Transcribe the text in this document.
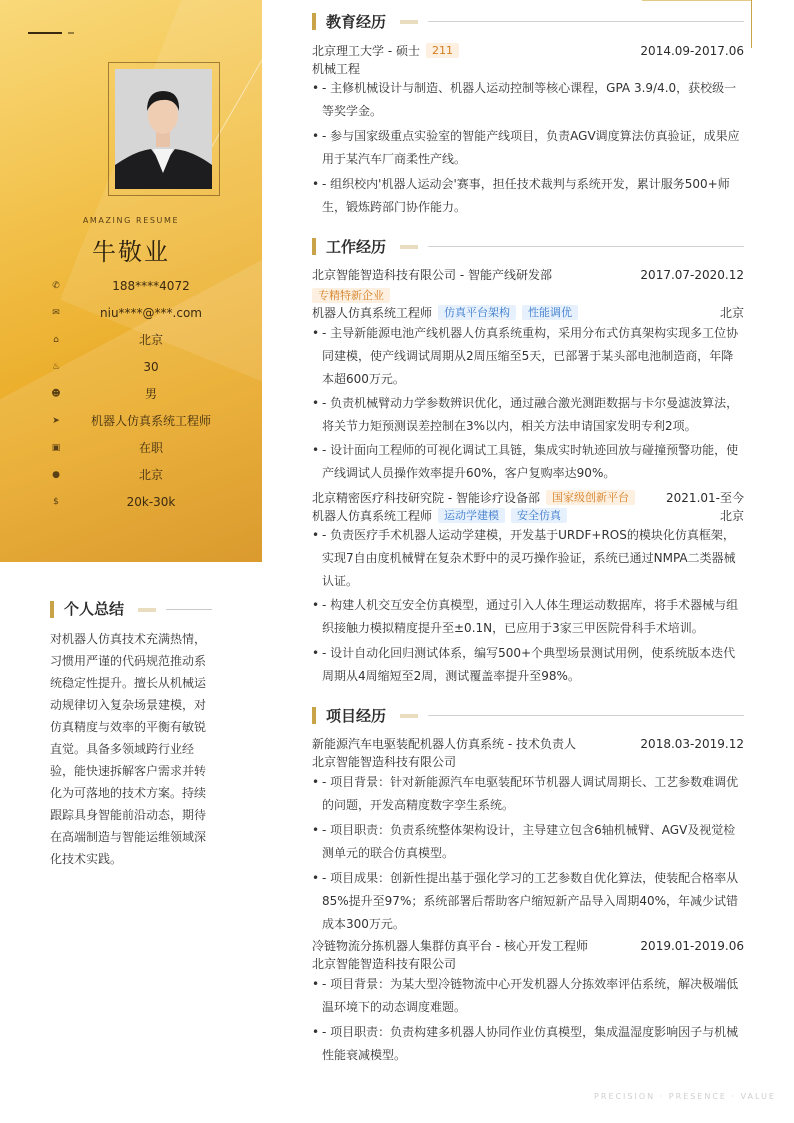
AMAZING RESUME
牛敬业
✆	188****4072
✉	niu****@***.com
⌂	北京
♨	30
☻	男
➤	机器人仿真系统工程师
▣	在职
●	北京
$	20k-30k
个人总结
对机器人仿真技术充满热情，习惯用严谨的代码规范推动系统稳定性提升。擅长从机械运动规律切入复杂场景建模，对仿真精度与效率的平衡有敏锐直觉。具备多领域跨行业经验，能快速拆解客户需求并转化为可落地的技术方案。持续跟踪具身智能前沿动态，期待在高端制造与智能运维领域深化技术实践。
教育经历
北京理工大学 - 硕士 211	2014.09-2017.06
机械工程
• - 主修机械设计与制造、机器人运动控制等核心课程，GPA 3.9/4.0，获校级一等奖学金。
• - 参与国家级重点实验室的智能产线项目，负责AGV调度算法仿真验证，成果应用于某汽车厂商柔性产线。
• - 组织校内'机器人运动会'赛事，担任技术裁判与系统开发，累计服务500+师生，锻炼跨部门协作能力。
工作经历
北京智能智造科技有限公司 - 智能产线研发部	2017.07-2020.12
专精特新企业
机器人仿真系统工程师 仿真平台架构 性能调优	北京
• - 主导新能源电池产线机器人仿真系统重构，采用分布式仿真架构实现多工位协同建模，使产线调试周期从2周压缩至5天，已部署于某头部电池制造商，年降本超600万元。
• - 负责机械臂动力学参数辨识优化，通过融合激光测距数据与卡尔曼滤波算法，将关节力矩预测误差控制在3%以内，相关方法申请国家发明专利2项。
• - 设计面向工程师的可视化调试工具链，集成实时轨迹回放与碰撞预警功能，使产线调试人员操作效率提升60%，客户复购率达90%。
北京精密医疗科技研究院 - 智能诊疗设备部 国家级创新平台	2021.01-至今
机器人仿真系统工程师 运动学建模 安全仿真	北京
• - 负责医疗手术机器人运动学建模，开发基于URDF+ROS的模块化仿真框架，实现7自由度机械臂在复杂术野中的灵巧操作验证，系统已通过NMPA二类器械认证。
• - 构建人机交互安全仿真模型，通过引入人体生理运动数据库，将手术器械与组织接触力模拟精度提升至±0.1N，已应用于3家三甲医院骨科手术培训。
• - 设计自动化回归测试体系，编写500+个典型场景测试用例，使系统版本迭代周期从4周缩短至2周，测试覆盖率提升至98%。
项目经历
新能源汽车电驱装配机器人仿真系统 - 技术负责人	2018.03-2019.12
北京智能智造科技有限公司
• - 项目背景：针对新能源汽车电驱装配环节机器人调试周期长、工艺参数难调优的问题，开发高精度数字孪生系统。
• - 项目职责：负责系统整体架构设计，主导建立包含6轴机械臂、AGV及视觉检测单元的联合仿真模型。
• - 项目成果：创新性提出基于强化学习的工艺参数自优化算法，使装配合格率从85%提升至97%；系统部署后帮助客户缩短新产品导入周期40%，年减少试错成本300万元。
冷链物流分拣机器人集群仿真平台 - 核心开发工程师	2019.01-2019.06
北京智能智造科技有限公司
• - 项目背景：为某大型冷链物流中心开发机器人分拣效率评估系统，解决极端低温环境下的动态调度难题。
• - 项目职责：负责构建多机器人协同作业仿真模型，集成温湿度影响因子与机械性能衰减模型。
PRECISION · PRESENCE · VALUE
